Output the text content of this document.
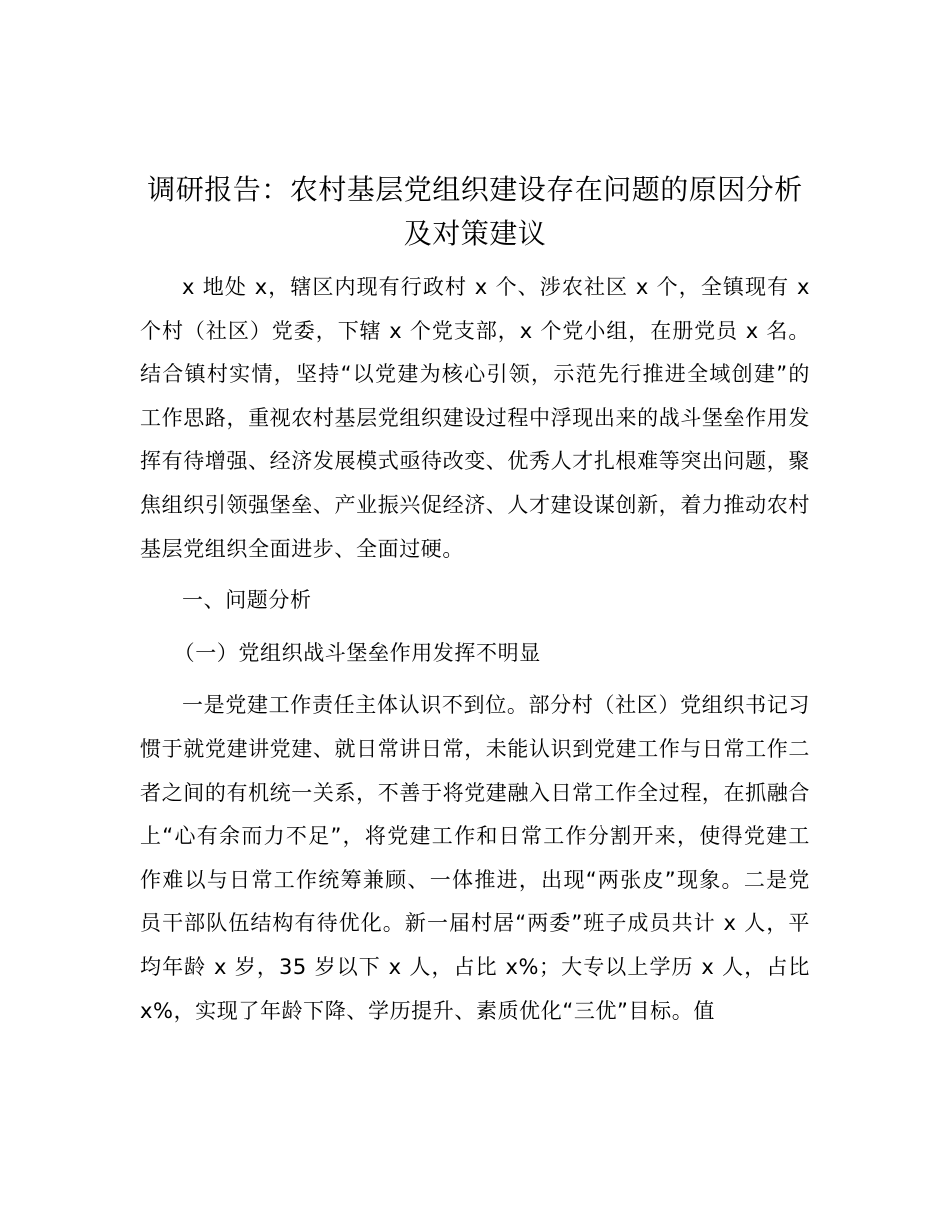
调研报告：农村基层党组织建设存在问题的原因分析及对策建议

x 地处 x，辖区内现有行政村 x 个、涉农社区 x 个，全镇现有 x 个村（社区）党委，下辖 x 个党支部，x 个党小组，在册党员 x 名。结合镇村实情，坚持“以党建为核心引领，示范先行推进全域创建”的工作思路，重视农村基层党组织建设过程中浮现出来的战斗堡垒作用发挥有待增强、经济发展模式亟待改变、优秀人才扎根难等突出问题，聚焦组织引领强堡垒、产业振兴促经济、人才建设谋创新，着力推动农村基层党组织全面进步、全面过硬。

一、问题分析

（一）党组织战斗堡垒作用发挥不明显

一是党建工作责任主体认识不到位。部分村（社区）党组织书记习惯于就党建讲党建、就日常讲日常，未能认识到党建工作与日常工作二者之间的有机统一关系，不善于将党建融入日常工作全过程，在抓融合上“心有余而力不足”，将党建工作和日常工作分割开来，使得党建工作难以与日常工作统筹兼顾、一体推进，出现“两张皮”现象。二是党员干部队伍结构有待优化。新一届村居“两委”班子成员共计 x 人，平均年龄 x 岁，35 岁以下 x 人，占比 x%；大专以上学历 x 人，占比 x%，实现了年龄下降、学历提升、素质优化“三优”目标。值
